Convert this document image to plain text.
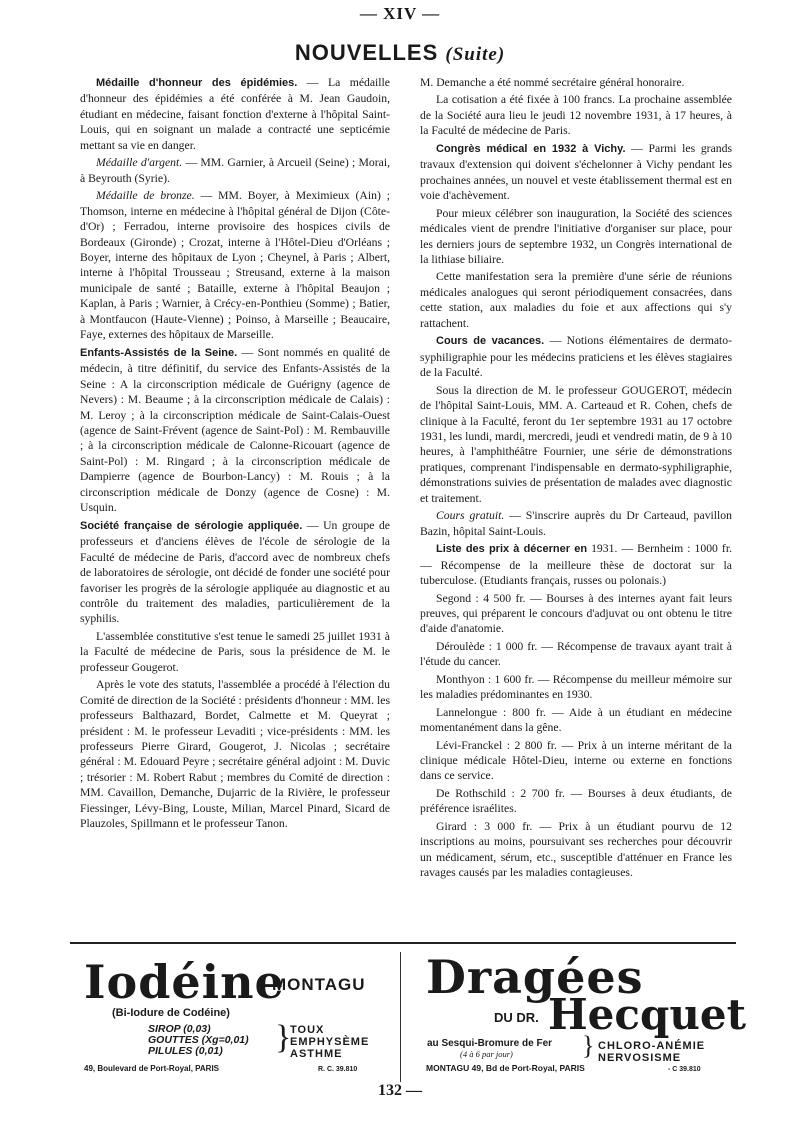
— XIV —
NOUVELLES (Suite)

Médaille d'honneur des épidémies. — La médaille d'honneur des épidémies a été conférée à M. Jean Gaudoin, étudiant en médecine, faisant fonction d'externe à l'hôpital Saint-Louis, qui en soignant un malade a contracté une septicémie mettant sa vie en danger.

Médaille d'argent. — MM. Garnier, à Arcueil (Seine) ; Morai, à Beyrouth (Syrie).

Médaille de bronze. — MM. Boyer, à Meximieux (Ain) ; Thomson, interne en médecine à l'hôpital général de Dijon (Côte-d'Or) ; Ferradou, interne provisoire des hospices civils de Bordeaux (Gironde) ; Crozat, interne à l'Hôtel-Dieu d'Orléans ; Boyer, interne des hôpitaux de Lyon ; Cheynel, à Paris ; Albert, interne à l'hôpital Trousseau ; Streusand, externe à la maison municipale de santé ; Bataille, externe à l'hôpital Beaujon ; Kaplan, à Paris ; Warnier, à Crécy-en-Ponthieu (Somme) ; Batier, à Montfaucon (Haute-Vienne) ; Poinso, à Marseille ; Beaucaire, Faye, externes des hôpitaux de Marseille.

Enfants-Assistés de la Seine. — Sont nommés en qualité de médecin, à titre définitif, du service des Enfants-Assistés de la Seine : A la circonscription médicale de Guérigny (agence de Nevers) : M. Beaume ; à la circonscription médicale de Calais) : M. Leroy ; à la circonscription médicale de Saint-Calais-Ouest (agence de Saint-Frévent (agence de Saint-Pol) : M. Rembauville ; à la circonscription médicale de Calonne-Ricouart (agence de Saint-Pol) : M. Ringard ; à la circonscription médicale de Dampierre (agence de Bourbon-Lancy) : M. Rouis ; à la circonscription médicale de Donzy (agence de Cosne) : M. Usquin.

Société française de sérologie appliquée. — Un groupe de professeurs et d'anciens élèves de l'école de sérologie de la Faculté de médecine de Paris, d'accord avec de nombreux chefs de laboratoires de sérologie, ont décidé de fonder une société pour favoriser les progrès de la sérologie appliquée au diagnostic et au contrôle du traitement des maladies, particulièrement de la syphilis.

L'assemblée constitutive s'est tenue le samedi 25 juillet 1931 à la Faculté de médecine de Paris, sous la présidence de M. le professeur Gougerot.

Après le vote des statuts, l'assemblée a procédé à l'élection du Comité de direction de la Société : présidents d'honneur : MM. les professeurs Balthazard, Bordet, Calmette et M. Queyrat ; président : M. le professeur Levaditi ; vice-présidents : MM. les professeurs Pierre Girard, Gougerot, J. Nicolas ; secrétaire général : M. Edouard Peyre ; secrétaire général adjoint : M. Duvic ; trésorier : M. Robert Rabut ; membres du Comité de direction : MM. Cavaillon, Demanche, Dujarric de la Rivière, le professeur Fiessinger, Lévy-Bing, Louste, Milian, Marcel Pinard, Sicard de Plauzoles, Spillmann et le professeur Tanon.

M. Demanche a été nommé secrétaire général honoraire.

La cotisation a été fixée à 100 francs. La prochaine assemblée de la Société aura lieu le jeudi 12 novembre 1931, à 17 heures, à la Faculté de médecine de Paris.

Congrès médical en 1932 à Vichy. — Parmi les grands travaux d'extension qui doivent s'échelonner à Vichy pendant les prochaines années, un nouvel et veste établissement thermal est en voie d'achèvement.

Pour mieux célébrer son inauguration, la Société des sciences médicales vient de prendre l'initiative d'organiser sur place, pour les derniers jours de septembre 1932, un Congrès international de la lithiase biliaire.

Cette manifestation sera la première d'une série de réunions médicales analogues qui seront périodiquement consacrées, dans cette station, aux maladies du foie et aux affections qui s'y rattachent.

Cours de vacances. — Notions élémentaires de dermato-syphiligraphie pour les médecins praticiens et les élèves stagiaires de la Faculté.

Sous la direction de M. le professeur GOUGEROT, médecin de l'hôpital Saint-Louis, MM. A. Carteaud et R. Cohen, chefs de clinique à la Faculté, feront du 1er septembre 1931 au 17 octobre 1931, les lundi, mardi, mercredi, jeudi et vendredi matin, de 9 à 10 heures, à l'amphithéâtre Fournier, une série de démonstrations pratiques, comprenant l'indispensable en dermato-syphiligraphie, démonstrations suivies de présentation de malades avec diagnostic et traitement.

Cours gratuit. — S'inscrire auprès du Dr Carteaud, pavillon Bazin, hôpital Saint-Louis.

Liste des prix à décerner en 1931. — Bernheim : 1000 fr. — Récompense de la meilleure thèse de doctorat sur la tuberculose. (Etudiants français, russes ou polonais.)

Segond : 4 500 fr. — Bourses à des internes ayant fait leurs preuves, qui préparent le concours d'adjuvat ou ont obtenu le titre d'aide d'anatomie.

Déroulède : 1 000 fr. — Récompense de travaux ayant trait à l'étude du cancer.

Monthyon : 1 600 fr. — Récompense du meilleur mémoire sur les maladies prédominantes en 1930.

Lannelongue : 800 fr. — Aide à un étudiant en médecine momentanément dans la gêne.

Lévi-Franckel : 2 800 fr. — Prix à un interne méritant de la clinique médicale Hôtel-Dieu, interne ou externe en fonctions dans ce service.

De Rothschild : 2 700 fr. — Bourses à deux étudiants, de préférence israélites.

Girard : 3 000 fr. — Prix à un étudiant pourvu de 12 inscriptions au moins, poursuivant ses recherches pour découvrir un médicament, sérum, etc., susceptible d'atténuer en France les ravages causés par les maladies contagieuses.

Iodéine
MONTAGU
(Bi-Iodure de Codéine)
SIROP (0,03)
GOUTTES (Xg=0,01)
PILULES (0,01)	}
TOUX
EMPHYSÈME
ASTHME
49, Boulevard de Port-Royal, PARIS	R. C. 39.810
Dragées
DU DR. Hecquet
au Sesqui-Bromure de Fer
(4 à 6 par jour)	} CHLORO-ANÉMIE
NERVOSISME
MONTAGU 49, Bd de Port-Royal, PARIS	- C 39.810
132 —
